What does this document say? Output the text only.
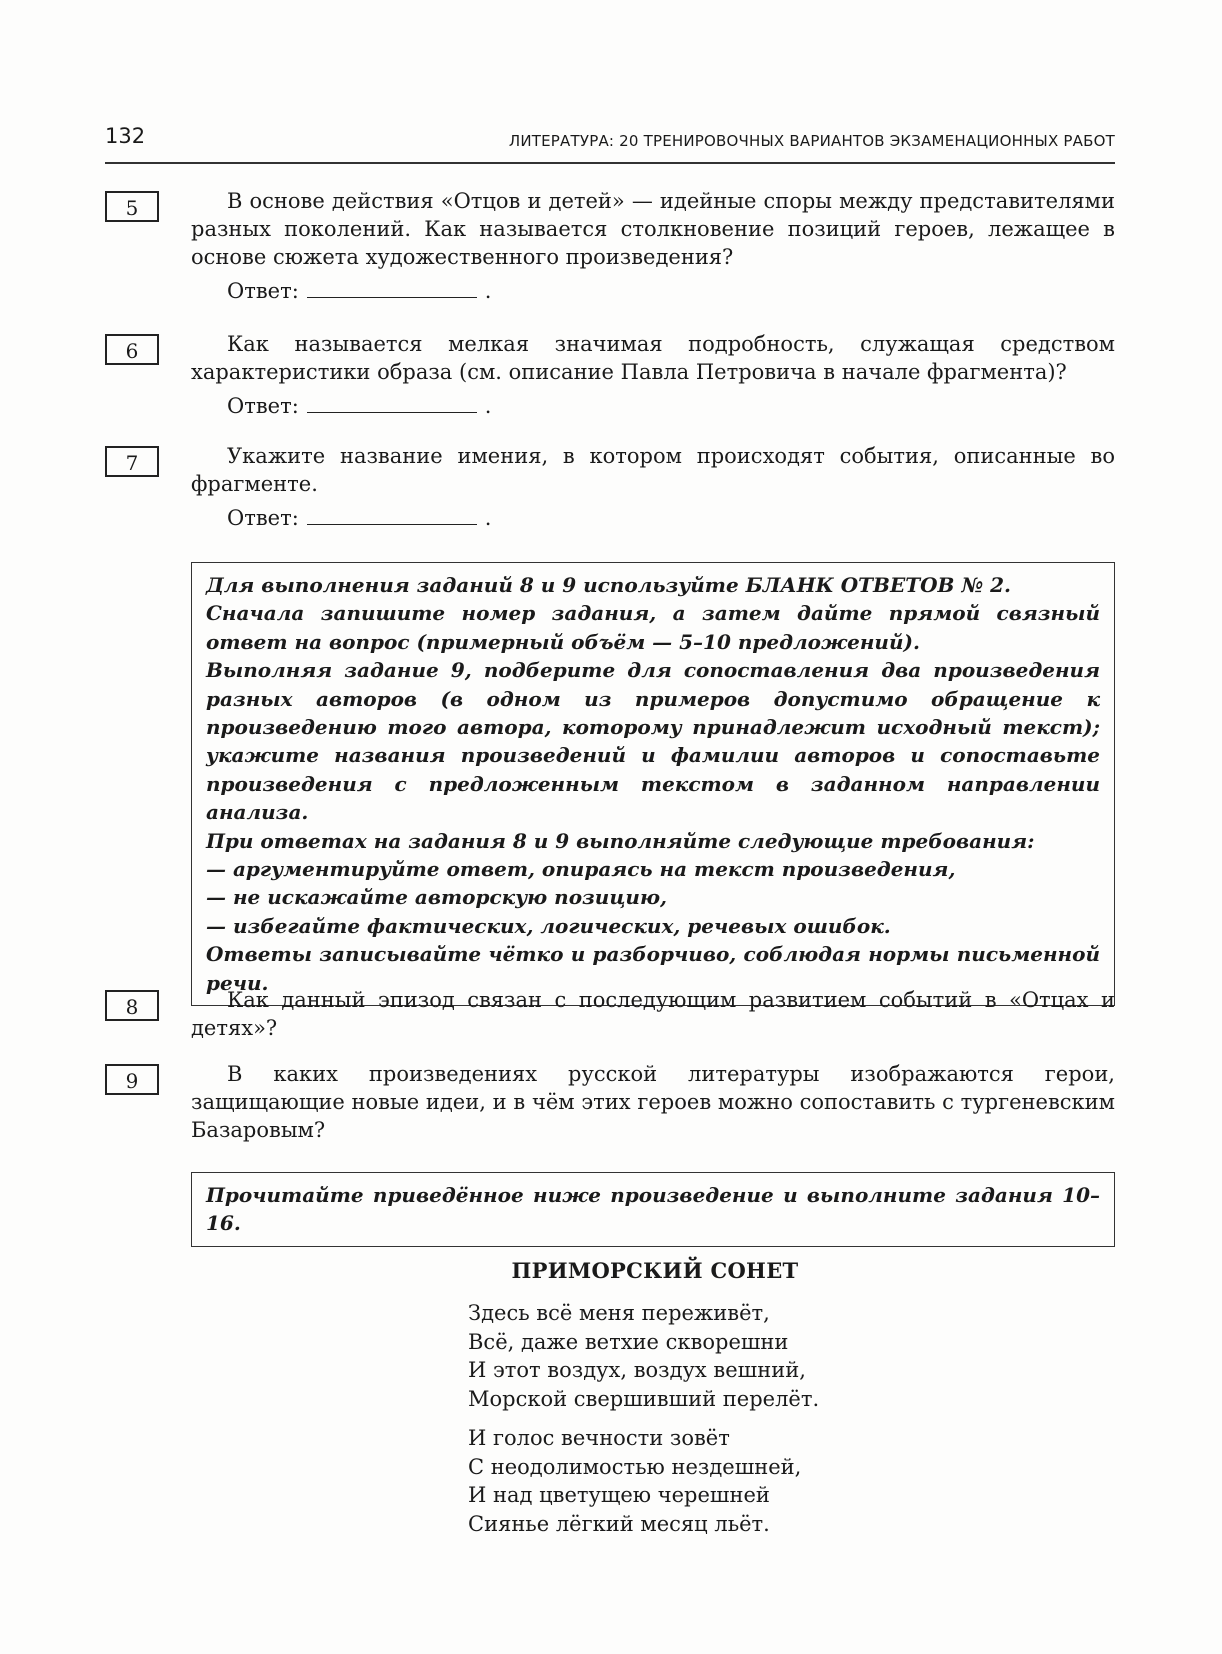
132	ЛИТЕРАТУРА: 20 ТРЕНИРОВОЧНЫХ ВАРИАНТОВ ЭКЗАМЕНАЦИОННЫХ РАБОТ
5	В основе действия «Отцов и детей» — идейные споры между представителями разных поколений. Как называется столкновение позиций героев, лежащее в основе сюжета художественного произведения?
Ответ:	.
6	Как называется мелкая значимая подробность, служащая средством характеристики образа (см. описание Павла Петровича в начале фрагмента)?
Ответ:	.
7	Укажите название имения, в котором происходят события, описанные во фрагменте.
Ответ:	.

Для выполнения заданий 8 и 9 используйте БЛАНК ОТВЕТОВ № 2.

Сначала запишите номер задания, а затем дайте прямой связный ответ на вопрос (примерный объём — 5–10 предложений).

Выполняя задание 9, подберите для сопоставления два произведения разных авторов (в одном из примеров допустимо обращение к произведению того автора, которому принадлежит исходный текст); укажите названия произведений и фамилии авторов и сопоставьте произведения с предложенным текстом в заданном направлении анализа.

При ответах на задания 8 и 9 выполняйте следующие требования:

— аргументируйте ответ, опираясь на текст произведения,

— не искажайте авторскую позицию,

— избегайте фактических, логических, речевых ошибок.

Ответы записывайте чётко и разборчиво, соблюдая нормы письменной речи.

8	Как данный эпизод связан с последующим развитием событий в «Отцах и детях»?
9	В каких произведениях русской литературы изображаются герои, защищающие новые идеи, и в чём этих героев можно сопоставить с тургеневским Базаровым?

Прочитайте приведённое ниже произведение и выполните задания 10–16.

ПРИМОРСКИЙ СОНЕТ
Здесь всё меня переживёт,
Всё, даже ветхие скворешни
И этот воздух, воздух вешний,
Морской свершивший перелёт.
И голос вечности зовёт
С неодолимостью нездешней,
И над цветущею черешней
Сиянье лёгкий месяц льёт.
